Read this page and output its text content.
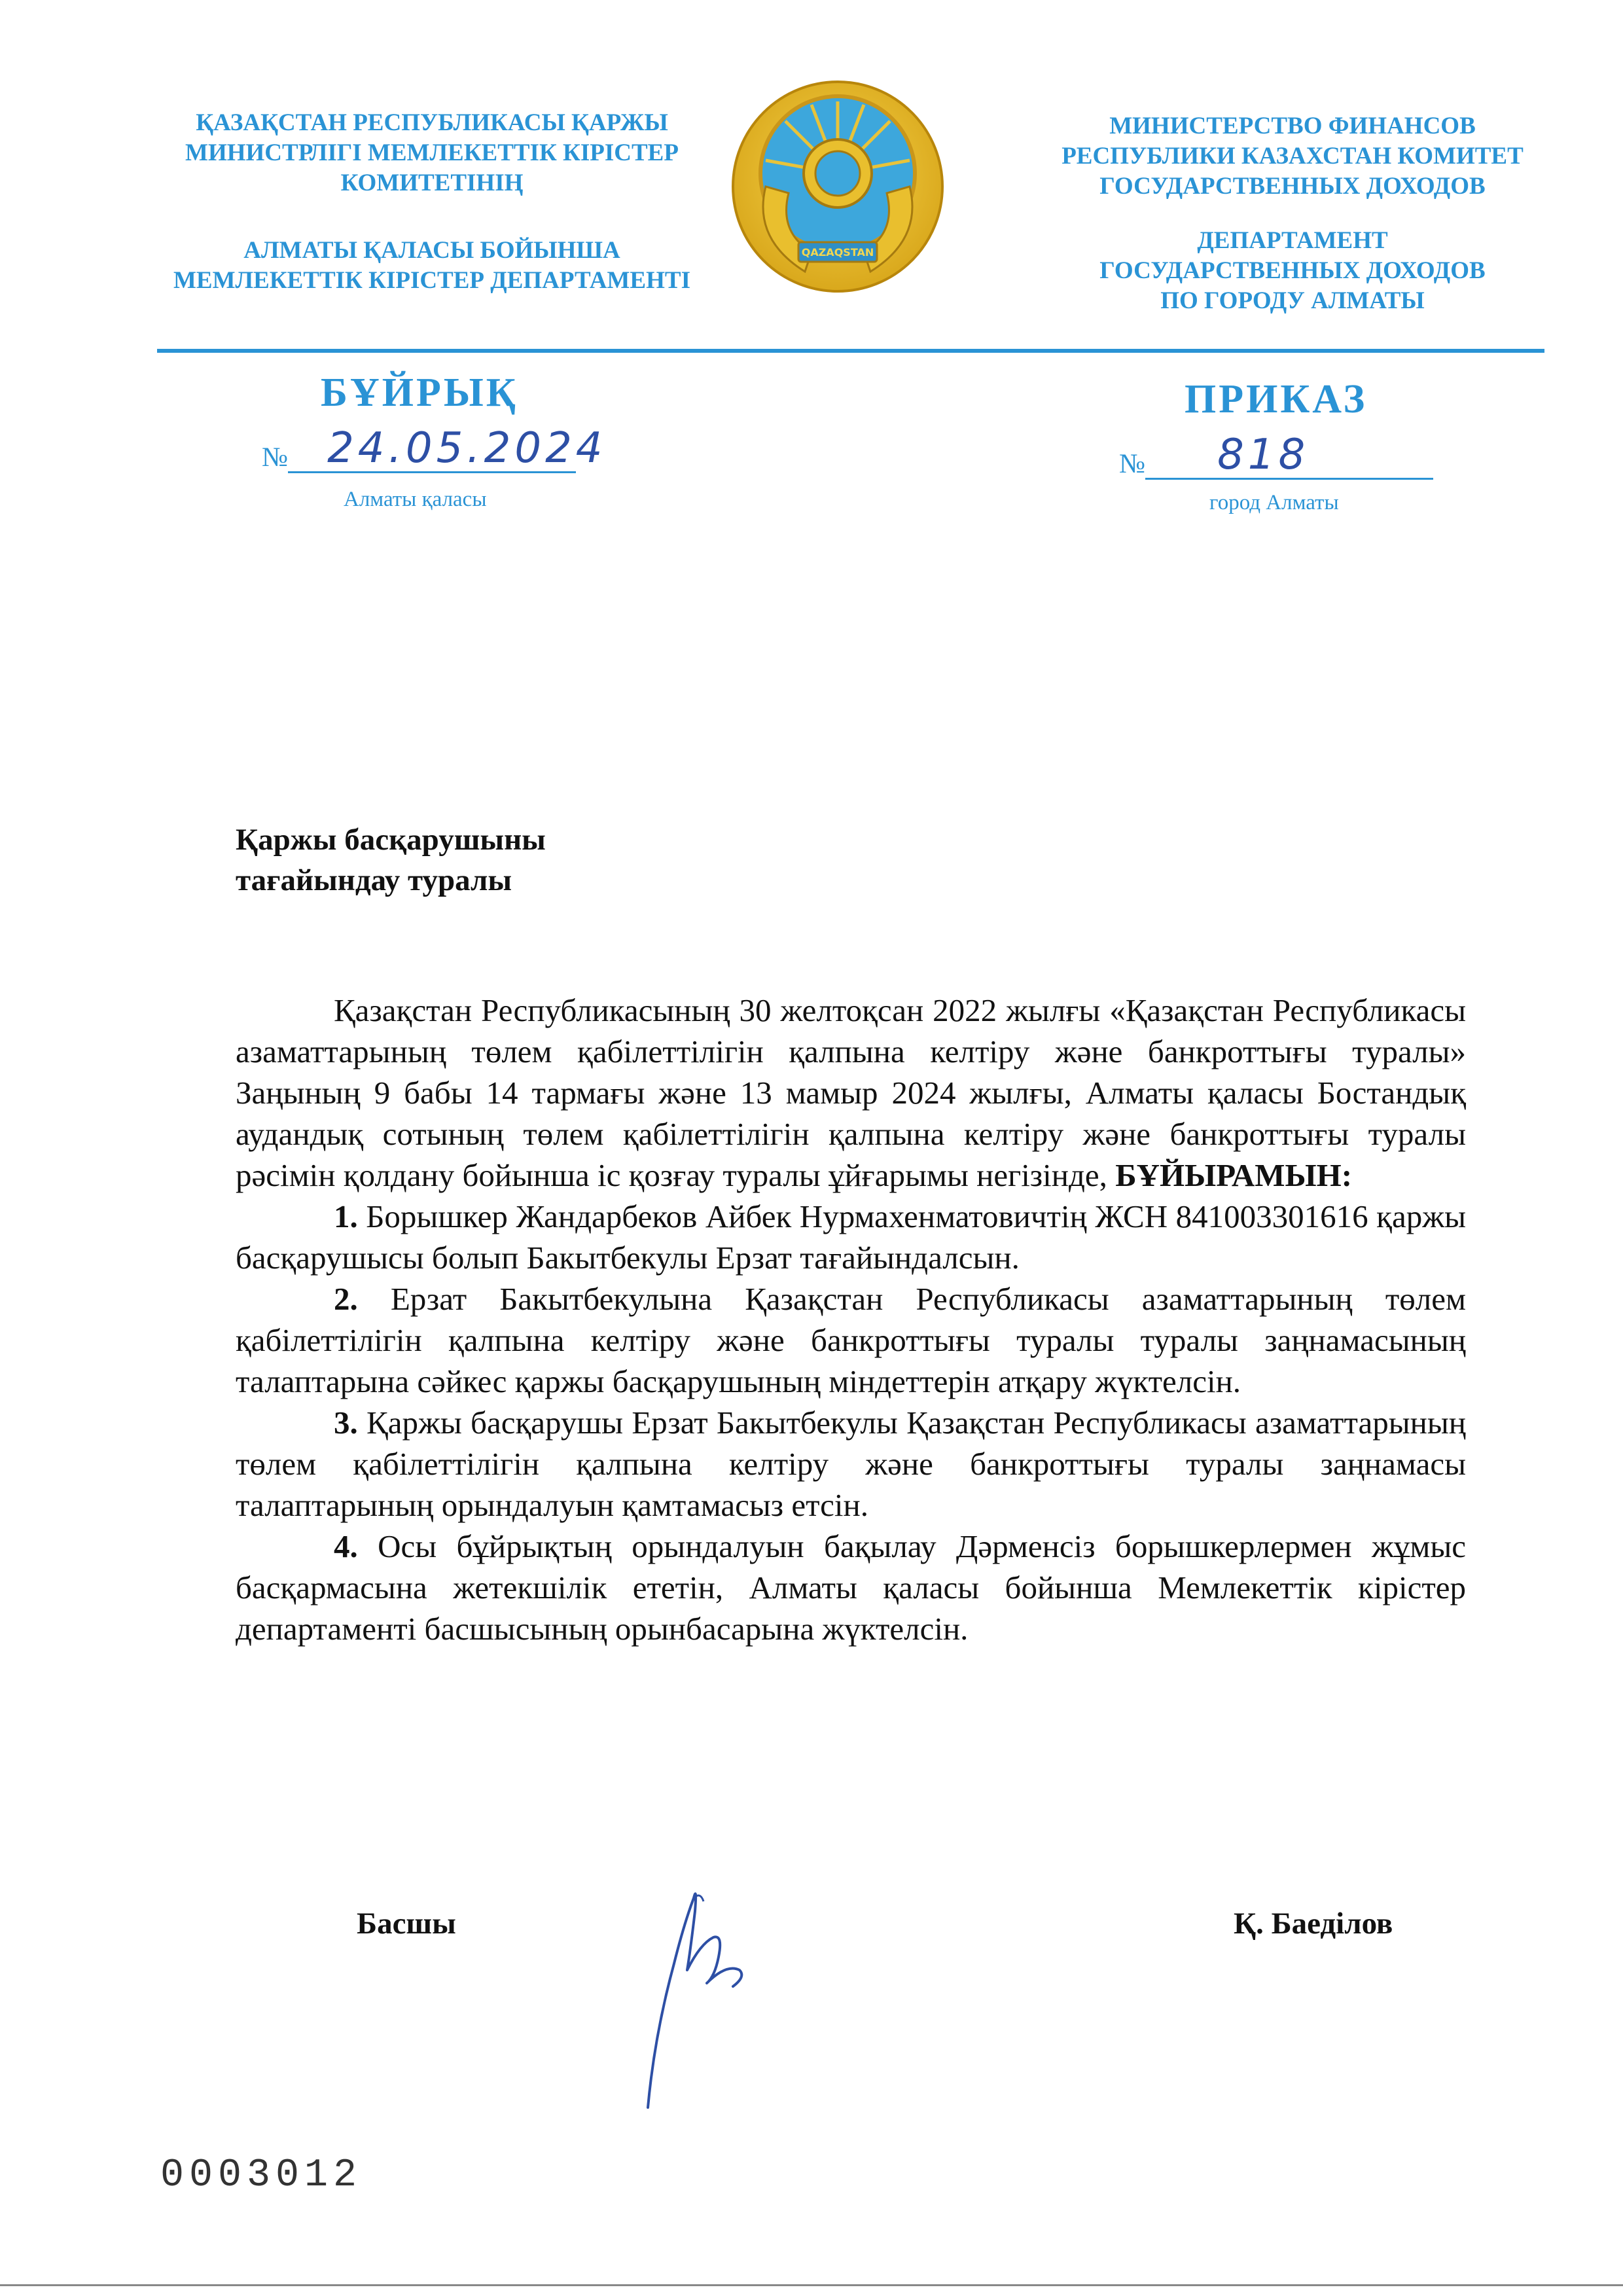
ҚАЗАҚСТАН РЕСПУБЛИКАСЫ ҚАРЖЫ
МИНИСТРЛІГІ МЕМЛЕКЕТТІК КІРІСТЕР
КОМИТЕТІНІҢ
АЛМАТЫ ҚАЛАСЫ БОЙЫНША
МЕМЛЕКЕТТІК КІРІСТЕР ДЕПАРТАМЕНТІ
МИНИСТЕРСТВО ФИНАНСОВ
РЕСПУБЛИКИ КАЗАХСТАН КОМИТЕТ
ГОСУДАРСТВЕННЫХ ДОХОДОВ
ДЕПАРТАМЕНТ
ГОСУДАРСТВЕННЫХ ДОХОДОВ
ПО ГОРОДУ АЛМАТЫ
QAZAQSTAN
БҰЙРЫҚ	ПРИКАЗ
№ 24.05.2024	№ 818
Алматы қаласы	город Алматы
Қаржы басқарушыны
тағайындау туралы

Қазақстан Республикасының 30 желтоқсан 2022 жылғы «Қазақстан Республикасы азаматтарының төлем қабілеттілігін қалпына келтіру және банкроттығы туралы» Заңының 9 бабы 14 тармағы және 13 мамыр 2024 жылғы, Алматы қаласы Бостандық аудандық сотының төлем қабілеттілігін қалпына келтіру және банкроттығы туралы рәсімін қолдану бойынша іс қозғау туралы ұйғарымы негізінде, БҰЙЫРАМЫН:

1. Борышкер Жандарбеков Айбек Нурмахенматовичтің ЖСН 841003301616 қаржы басқарушысы болып Бакытбекулы Ерзат тағайындалсын.

2. Ерзат Бакытбекулына Қазақстан Республикасы азаматтарының төлем қабілеттілігін қалпына келтіру және банкроттығы туралы туралы заңнамасының талаптарына сәйкес қаржы басқарушының міндеттерін атқару жүктелсін.

3. Қаржы басқарушы Ерзат Бакытбекулы Қазақстан Республикасы азаматтарының төлем қабілеттілігін қалпына келтіру және банкроттығы туралы заңнамасы талаптарының орындалуын қамтамасыз етсін.

4. Осы бұйрықтың орындалуын бақылау Дәрменсіз борышкерлермен жұмыс басқармасына жетекшілік ететін, Алматы қаласы бойынша Мемлекеттік кірістер департаменті басшысының орынбасарына жүктелсін.

Басшы	Қ. Баеділов
0003012
